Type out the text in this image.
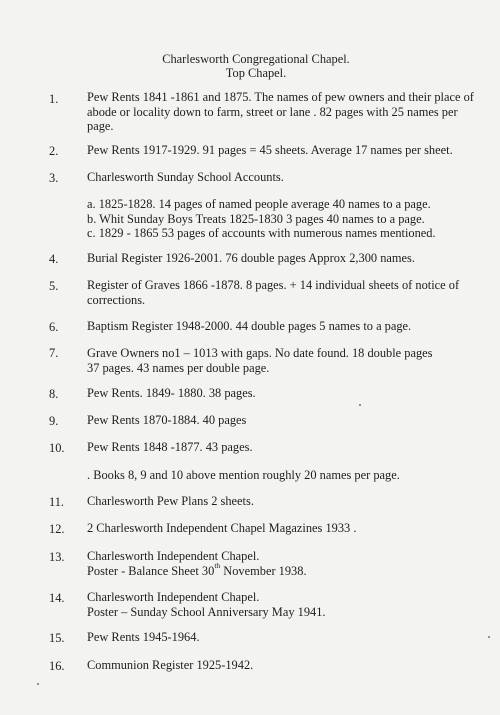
Charlesworth Congregational Chapel.
Top Chapel.
1. Pew Rents 1841 -1861 and 1875. The names of pew owners and their place of
abode or locality down to farm, street or lane . 82 pages with 25 names per
page.
2. Pew Rents 1917-1929. 91 pages = 45 sheets. Average 17 names per sheet.
3. Charlesworth Sunday School Accounts.
a. 1825-1828. 14 pages of named people average 40 names to a page.
b. Whit Sunday Boys Treats 1825-1830 3 pages 40 names to a page.
c. 1829 - 1865 53 pages of accounts with numerous names mentioned.
4. Burial Register 1926-2001. 76 double pages Approx 2,300 names.
5. Register of Graves 1866 -1878. 8 pages. + 14 individual sheets of notice of
corrections.
6. Baptism Register 1948-2000. 44 double pages 5 names to a page.
7. Grave Owners no1 – 1013 with gaps. No date found. 18 double pages
37 pages. 43 names per double page.
8. Pew Rents. 1849- 1880. 38 pages.
9. Pew Rents 1870-1884. 40 pages
10. Pew Rents 1848 -1877. 43 pages.
. Books 8, 9 and 10 above mention roughly 20 names per page.
11. Charlesworth Pew Plans 2 sheets.
12. 2 Charlesworth Independent Chapel Magazines 1933 .
13. Charlesworth Independent Chapel.
Poster - Balance Sheet 30th November 1938.
14. Charlesworth Independent Chapel.
Poster – Sunday School Anniversary May 1941.
15. Pew Rents 1945-1964.
16. Communion Register 1925-1942.
